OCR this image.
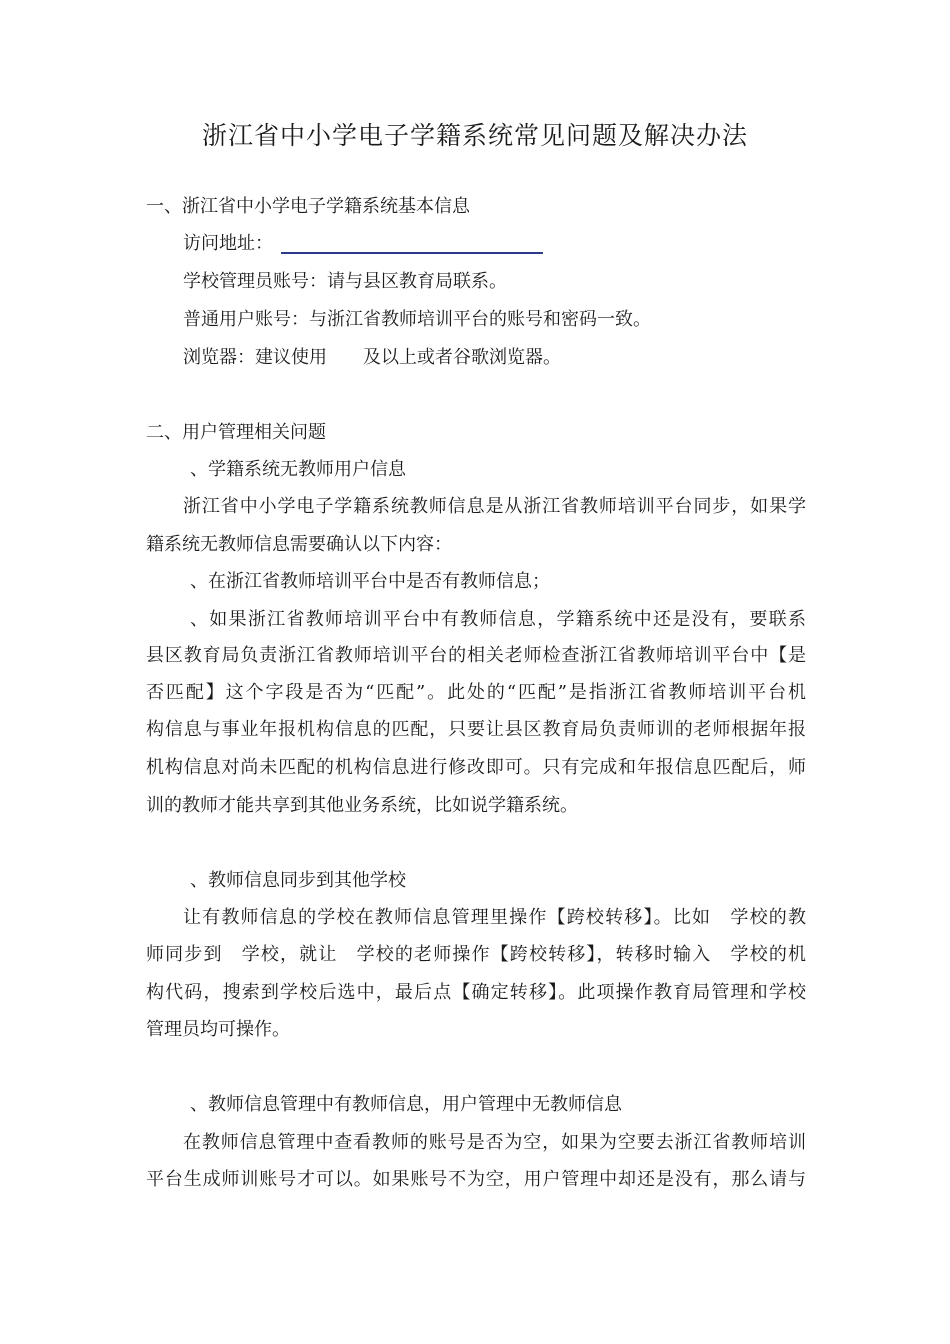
浙江省中小学电子学籍系统常见问题及解决办法
一、浙江省中小学电子学籍系统基本信息
访问地址：
学校管理员账号：请与县区教育局联系。
普通用户账号：与浙江省教师培训平台的账号和密码一致。
浏览器：建议使用　　及以上或者谷歌浏览器。
二、用户管理相关问题
、学籍系统无教师用户信息
浙江省中小学电子学籍系统教师信息是从浙江省教师培训平台同步，如果学
籍系统无教师信息需要确认以下内容：
、在浙江省教师培训平台中是否有教师信息；
、如果浙江省教师培训平台中有教师信息，学籍系统中还是没有，要联系
县区教育局负责浙江省教师培训平台的相关老师检查浙江省教师培训平台中【是
否匹配】这个字段是否为“匹配”。此处的“匹配”是指浙江省教师培训平台机
构信息与事业年报机构信息的匹配，只要让县区教育局负责师训的老师根据年报
机构信息对尚未匹配的机构信息进行修改即可。只有完成和年报信息匹配后，师
训的教师才能共享到其他业务系统，比如说学籍系统。
、教师信息同步到其他学校
让有教师信息的学校在教师信息管理里操作【跨校转移】。比如　学校的教
师同步到　学校，就让　学校的老师操作【跨校转移】，转移时输入　学校的机
构代码，搜索到学校后选中，最后点【确定转移】。此项操作教育局管理和学校
管理员均可操作。
、教师信息管理中有教师信息，用户管理中无教师信息
在教师信息管理中查看教师的账号是否为空，如果为空要去浙江省教师培训
平台生成师训账号才可以。如果账号不为空，用户管理中却还是没有，那么请与
